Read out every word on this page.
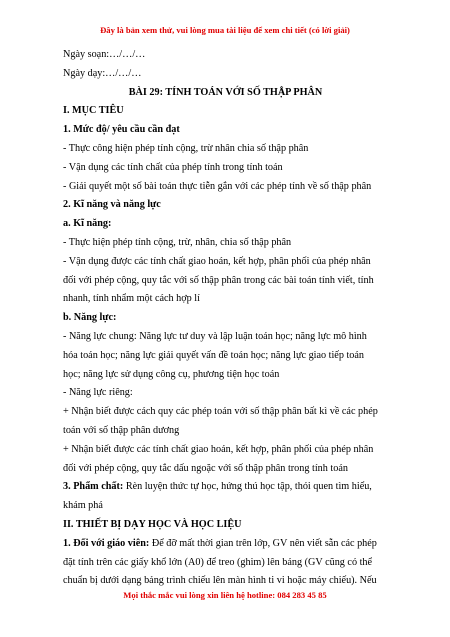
Đây là bản xem thử, vui lòng mua tài liệu để xem chi tiết (có lời giải)

Ngày soạn:…/…/…

Ngày dạy:…/…/…

BÀI 29: TÍNH TOÁN VỚI SỐ THẬP PHÂN

I. MỤC TIÊU

1. Mức độ/ yêu cầu cần đạt

- Thực công hiện phép tính cộng, trừ nhân chia số thập phân

- Vận dụng các tính chất của phép tính trong tính toán

- Giải quyết một số bài toán thực tiễn gắn với các phép tính về số thập phân

2. Kĩ năng và năng lực

a. Kĩ năng:

- Thực hiện phép tính cộng, trừ, nhân, chia số thập phân

- Vận dụng được các tính chất giao hoán, kết hợp, phân phối của phép nhân

đối với phép cộng, quy tắc với số thập phân trong các bài toán tính viết, tính

nhanh, tính nhẩm một cách hợp lí

b. Năng lực:

- Năng lực chung: Năng lực tư duy và lập luận toán học; năng lực mô hình

hóa toán học; năng lực giải quyết vấn đề toán học; năng lực giao tiếp toán

học; năng lực sử dụng công cụ, phương tiện học toán

- Năng lực riêng:

+ Nhận biết được cách quy các phép toán với số thập phân bất kì về các phép

toán với số thập phân dương

+ Nhận biết được các tính chất giao hoán, kết hợp, phân phối của phép nhân

đối với phép cộng, quy tắc dấu ngoặc với số thập phân trong tính toán

3. Phẩm chất: Rèn luyện thức tự học, hứng thú học tập, thói quen tìm hiểu,

khám phá

II. THIẾT BỊ DẠY HỌC VÀ HỌC LIỆU

1. Đối với giáo viên: Để đỡ mất thời gian trên lớp, GV nên viết sẵn các phép

đặt tính trên các giấy khổ lớn (A0) để treo (ghim) lên bảng (GV cũng có thể

chuẩn bị dưới dạng bảng trình chiếu lên màn hình ti vi hoặc máy chiếu). Nếu

Mọi thắc mắc vui lòng xin liên hệ hotline: 084 283 45 85
